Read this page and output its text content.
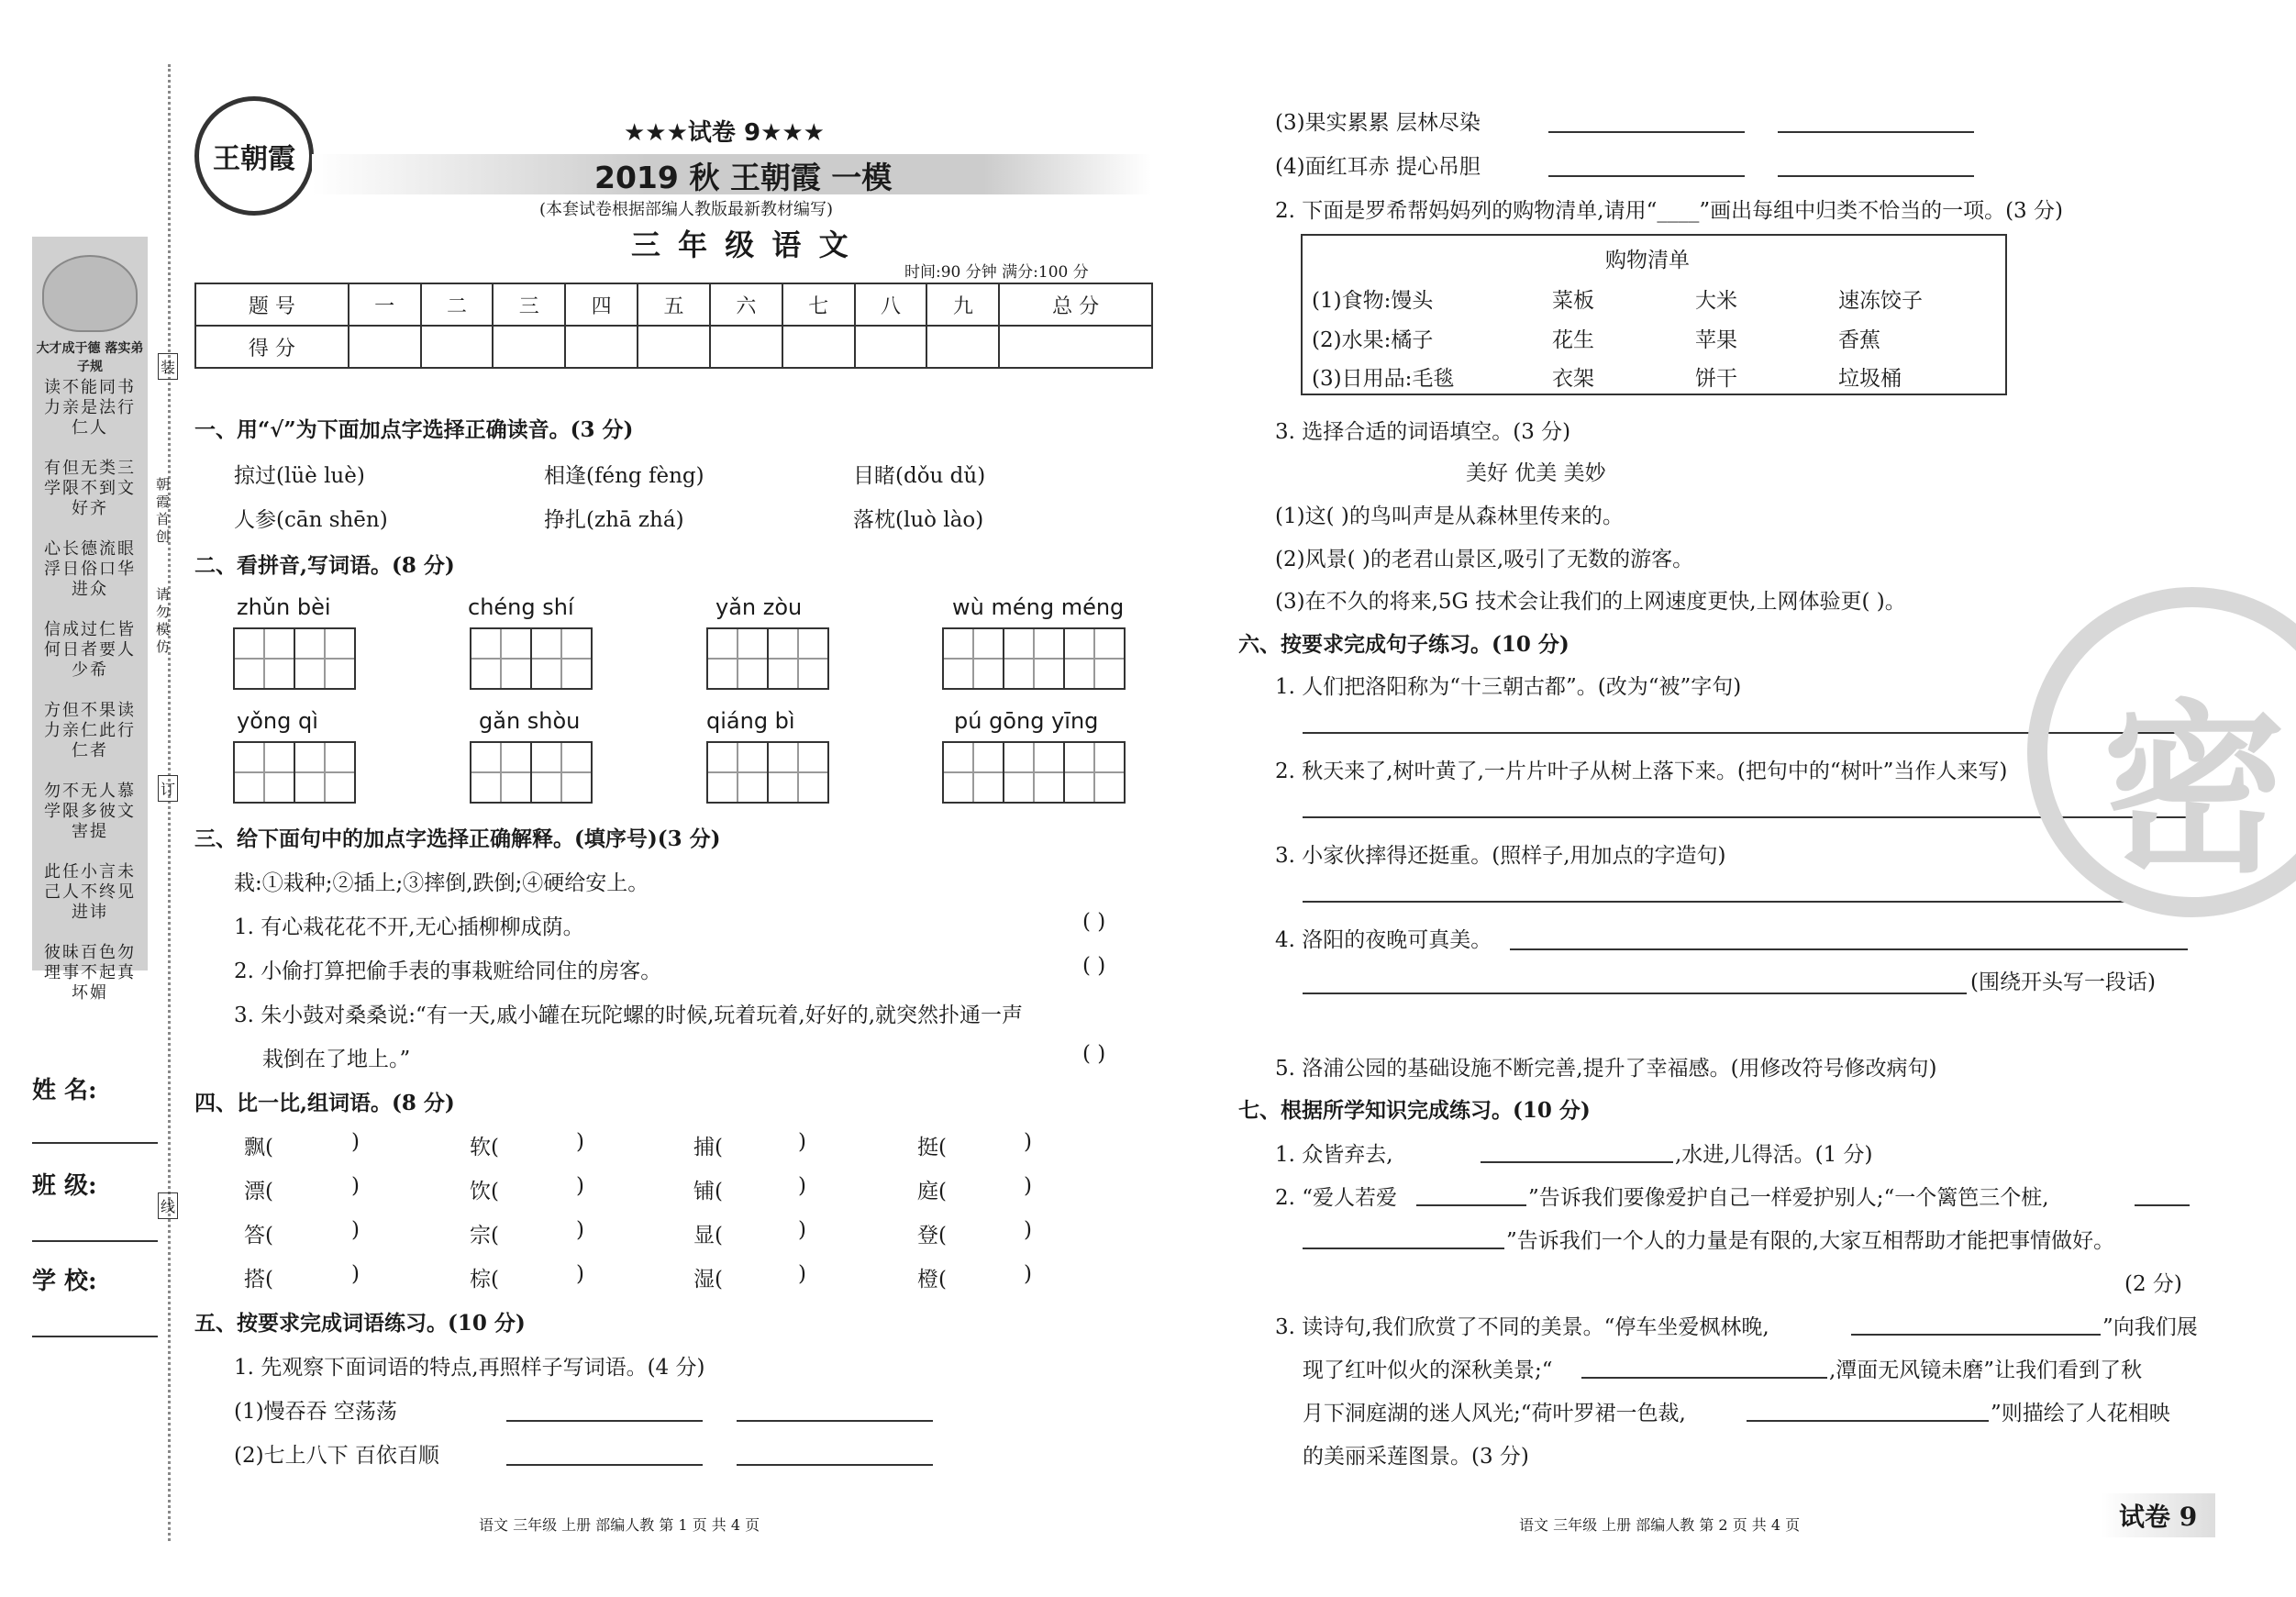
大才成于德 落实弟子规
读不能同书力亲是法行仁人
有但无类三学限不到文好齐
心长德流眼浮日俗口华进众
信成过仁皆何日者要人少希
方但不果读力亲仁此行仁者
勿不无人慕学限多彼文害提
此任小言未己人不终见进讳
彼昧百色勿理事不起真坏媚
朝霞首创
请勿模仿
装
订
线
姓 名:
班 级:
学 校:
王朝霞
★★★试卷 9★★★
2019 秋 王朝霞 一模
(本套试卷根据部编人教版最新教材编写)
三 年 级 语 文
时间:90 分钟 满分:100 分
题 号	一	二	三	四	五	六	七	八	九	总 分
得 分										
一、用“√”为下面加点字选择正确读音。(3 分)
掠过(lüè luè)	相逢(féng fèng)	目睹(dǒu dǔ)
人参(cān shēn)	挣扎(zhā zhá)	落枕(luò lào)
二、看拼音,写词语。(8 分)
zhǔn bèi	chéng shí	yǎn zòu	wù méng méng
yǒng qì	gǎn shòu	qiáng bì	pú gōng yīng
三、给下面句中的加点字选择正确解释。(填序号)(3 分)
栽:①栽种;②插上;③摔倒,跌倒;④硬给安上。
1. 有心栽花花不开,无心插柳柳成荫。	( )
2. 小偷打算把偷手表的事栽赃给同住的房客。	( )
3. 朱小鼓对桑桑说:“有一天,戚小罐在玩陀螺的时候,玩着玩着,好好的,就突然扑通一声
栽倒在了地上。”	( )
四、比一比,组词语。(8 分)
飘(	)	软(	)	捕(	)	挺(	)
漂(	)	饮(	)	铺(	)	庭(	)
答(	)	宗(	)	显(	)	登(	)
搭(	)	棕(	)	湿(	)	橙(	)
五、按要求完成词语练习。(10 分)
1. 先观察下面词语的特点,再照样子写词语。(4 分)
(1)慢吞吞 空荡荡
(2)七上八下 百依百顺
语文 三年级 上册 部编人教 第 1 页 共 4 页
(3)果实累累 层林尽染
(4)面红耳赤 提心吊胆
2. 下面是罗希帮妈妈列的购物清单,请用“____”画出每组中归类不恰当的一项。(3 分)
购物清单
(1)食物:馒头	菜板	大米	速冻饺子
(2)水果:橘子	花生	苹果	香蕉
(3)日用品:毛毯	衣架	饼干	垃圾桶
3. 选择合适的词语填空。(3 分)
美好 优美 美妙
(1)这( )的鸟叫声是从森林里传来的。
(2)风景( )的老君山景区,吸引了无数的游客。
(3)在不久的将来,5G 技术会让我们的上网速度更快,上网体验更( )。
六、按要求完成句子练习。(10 分)
1. 人们把洛阳称为“十三朝古都”。(改为“被”字句)
2. 秋天来了,树叶黄了,一片片叶子从树上落下来。(把句中的“树叶”当作人来写)
3. 小家伙摔得还挺重。(照样子,用加点的字造句)
4. 洛阳的夜晚可真美。
(围绕开头写一段话)
5. 洛浦公园的基础设施不断完善,提升了幸福感。(用修改符号修改病句)
七、根据所学知识完成练习。(10 分)
1. 众皆弃去,	,水进,儿得活。(1 分)
2. “爱人若爱	”告诉我们要像爱护自己一样爱护别人;“一个篱笆三个桩,
”告诉我们一个人的力量是有限的,大家互相帮助才能把事情做好。
(2 分)
3. 读诗句,我们欣赏了不同的美景。“停车坐爱枫林晚,	”向我们展
现了红叶似火的深秋美景;“	,潭面无风镜未磨”让我们看到了秋
月下洞庭湖的迷人风光;“荷叶罗裙一色裁,	”则描绘了人花相映
的美丽采莲图景。(3 分)
密
语文 三年级 上册 部编人教 第 2 页 共 4 页	试卷 9
